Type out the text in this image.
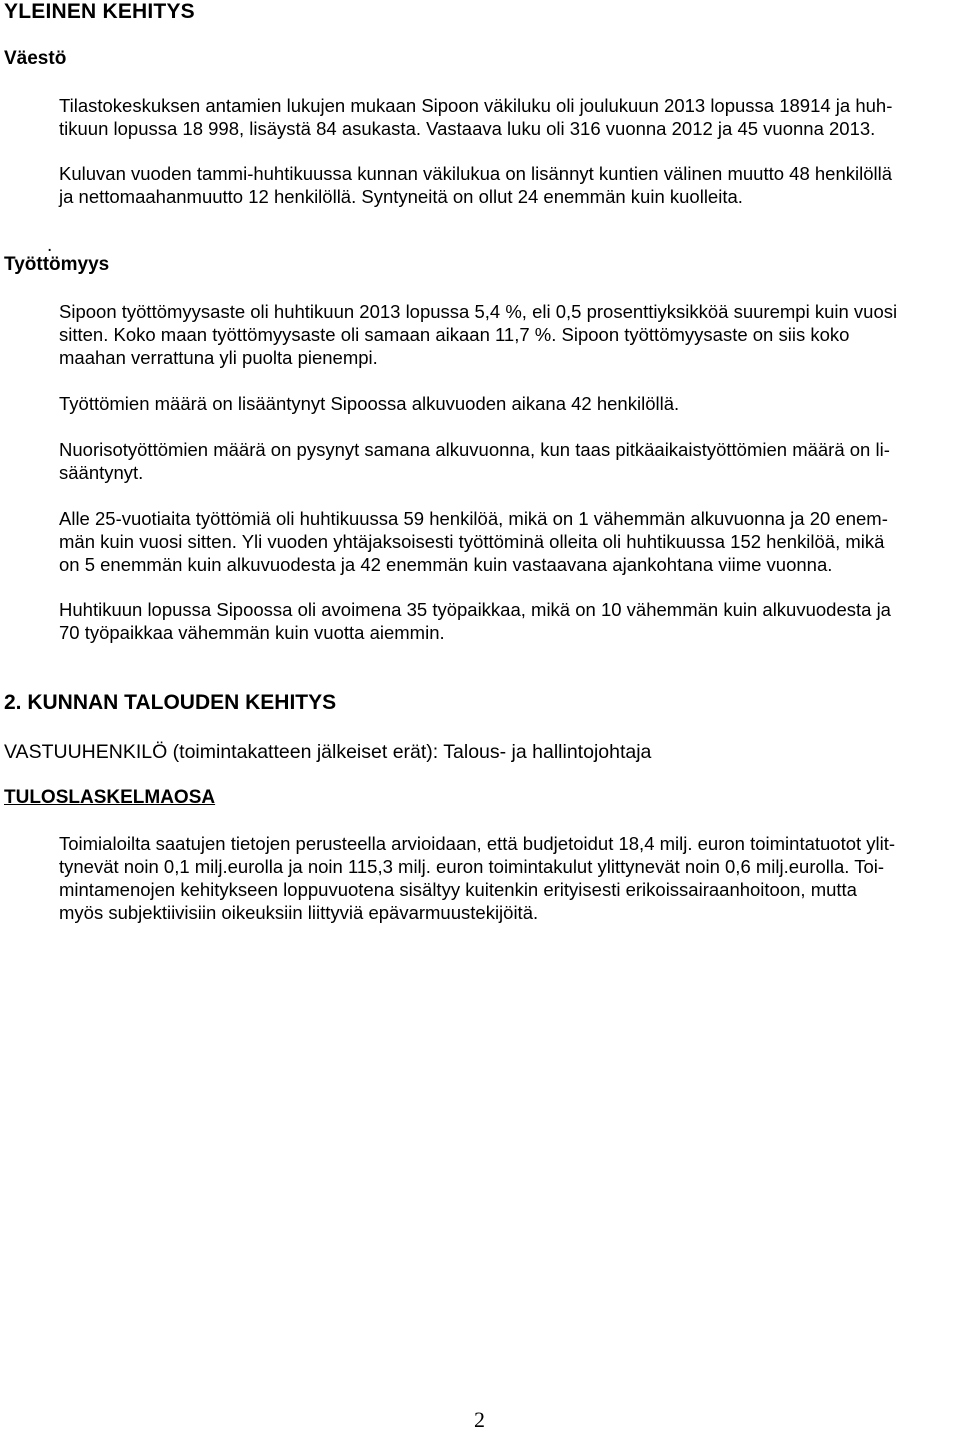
YLEINEN KEHITYS
Väestö

Tilastokeskuksen antamien lukujen mukaan Sipoon väkiluku oli joulukuun 2013 lopussa 18914 ja huh-
tikuun lopussa 18 998, lisäystä 84 asukasta. Vastaava luku oli 316 vuonna 2012 ja 45 vuonna 2013.

Kuluvan vuoden tammi-huhtikuussa kunnan väkilukua on lisännyt kuntien välinen muutto 48 henkilöllä
ja nettomaahanmuutto 12 henkilöllä. Syntyneitä on ollut 24 enemmän kuin kuolleita.

.
Työttömyys

Sipoon työttömyysaste oli huhtikuun 2013 lopussa 5,4 %, eli 0,5 prosenttiyksikköä suurempi kuin vuosi
sitten. Koko maan työttömyysaste oli samaan aikaan 11,7 %. Sipoon työttömyysaste on siis koko
maahan verrattuna yli puolta pienempi.

Työttömien määrä on lisääntynyt Sipoossa alkuvuoden aikana 42 henkilöllä.

Nuorisotyöttömien määrä on pysynyt samana alkuvuonna, kun taas pitkäaikaistyöttömien määrä on li-
sääntynyt.

Alle 25-vuotiaita työttömiä oli huhtikuussa 59 henkilöä, mikä on 1 vähemmän alkuvuonna ja 20 enem-
män kuin vuosi sitten. Yli vuoden yhtäjaksoisesti työttöminä olleita oli huhtikuussa 152 henkilöä, mikä
on 5 enemmän kuin alkuvuodesta ja 42 enemmän kuin vastaavana ajankohtana viime vuonna.

Huhtikuun lopussa Sipoossa oli avoimena 35 työpaikkaa, mikä on 10 vähemmän kuin alkuvuodesta ja
70 työpaikkaa vähemmän kuin vuotta aiemmin.

2. KUNNAN TALOUDEN KEHITYS
VASTUUHENKILÖ (toimintakatteen jälkeiset erät): Talous- ja hallintojohtaja
TULOSLASKELMAOSA

Toimialoilta saatujen tietojen perusteella arvioidaan, että budjetoidut 18,4 milj. euron toimintatuotot ylit-
tynevät noin 0,1 milj.eurolla ja noin 115,3 milj. euron toimintakulut ylittynevät noin 0,6 milj.eurolla. Toi-
mintamenojen kehitykseen loppuvuotena sisältyy kuitenkin erityisesti erikoissairaanhoitoon, mutta
myös subjektiivisiin oikeuksiin liittyviä epävarmuustekijöitä.

2
